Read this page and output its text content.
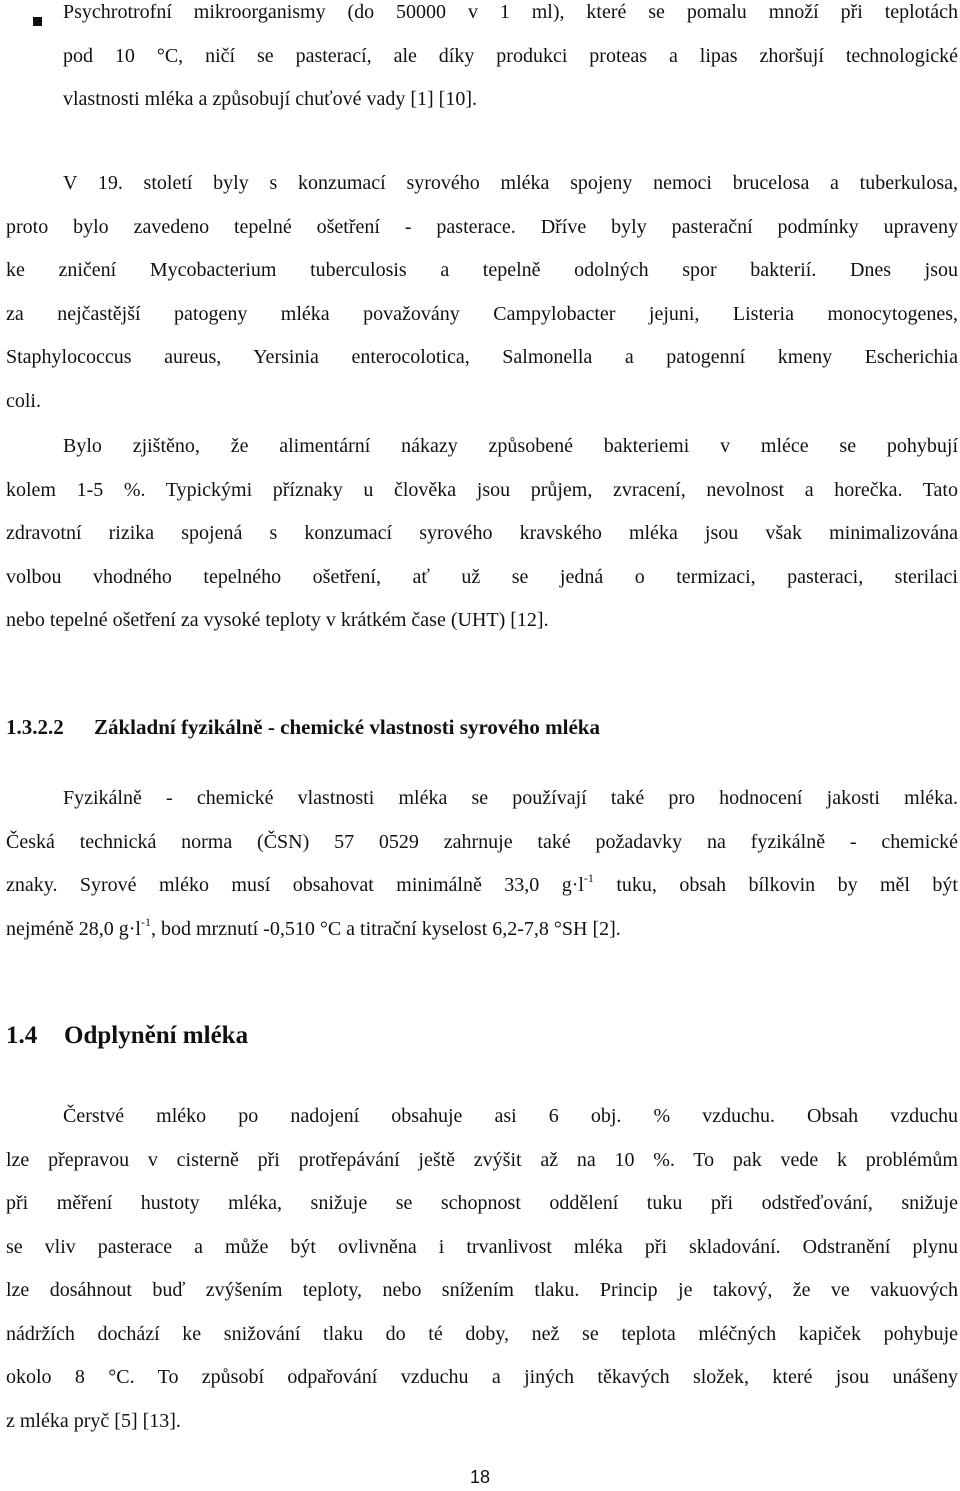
Psychrotrofní mikroorganismy (do 50000 v 1 ml), které se pomalu množí při teplotách
pod 10 °C, ničí se pasterací, ale díky produkci proteas a lipas zhoršují technologické
vlastnosti mléka a způsobují chuťové vady [1] [10].
V 19. století byly s konzumací syrového mléka spojeny nemoci brucelosa a tuberkulosa,
proto bylo zavedeno tepelné ošetření - pasterace. Dříve byly pasterační podmínky upraveny
ke zničení Mycobacterium tuberculosis a tepelně odolných spor bakterií. Dnes jsou
za nejčastější patogeny mléka považovány Campylobacter jejuni, Listeria monocytogenes,
Staphylococcus aureus, Yersinia enterocolotica, Salmonella a patogenní kmeny Escherichia
coli.
Bylo zjištěno, že alimentární nákazy způsobené bakteriemi v mléce se pohybují
kolem 1-5 %. Typickými příznaky u člověka jsou průjem, zvracení, nevolnost a horečka. Tato
zdravotní rizika spojená s konzumací syrového kravského mléka jsou však minimalizována
volbou vhodného tepelného ošetření, ať už se jedná o termizaci, pasteraci, sterilaci
nebo tepelné ošetření za vysoké teploty v krátkém čase (UHT) [12].
1.3.2.2 Základní fyzikálně - chemické vlastnosti syrového mléka
Fyzikálně - chemické vlastnosti mléka se používají také pro hodnocení jakosti mléka.
Česká technická norma (ČSN) 57 0529 zahrnuje také požadavky na fyzikálně - chemické
znaky. Syrové mléko musí obsahovat minimálně 33,0 $g\cdot l^{-1}$ tuku, obsah bílkovin by měl být
nejméně 28,0 $g\cdot l^{-1}$, bod mrznutí -0,510 °C a titrační kyselost 6,2-7,8 °SH [2].
1.4 Odplynění mléka
Čerstvé mléko po nadojení obsahuje asi 6 obj. % vzduchu. Obsah vzduchu
lze přepravou v cisterně při protřepávání ještě zvýšit až na 10 %. To pak vede k problémům
při měření hustoty mléka, snižuje se schopnost oddělení tuku při odstřeďování, snižuje
se vliv pasterace a může být ovlivněna i trvanlivost mléka při skladování. Odstranění plynu
lze dosáhnout buď zvýšením teploty, nebo snížením tlaku. Princip je takový, že ve vakuových
nádržích dochází ke snižování tlaku do té doby, než se teplota mléčných kapiček pohybuje
okolo 8 °C. To způsobí odpařování vzduchu a jiných těkavých složek, které jsou unášeny
z mléka pryč [5] [13].
18
